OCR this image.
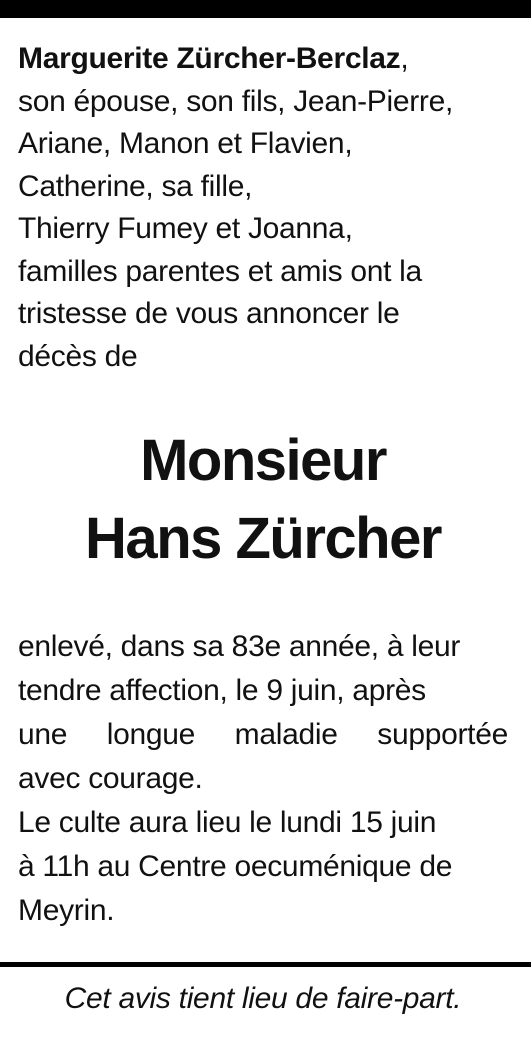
Marguerite Zürcher-Berclaz,
son épouse, son fils, Jean-Pierre,
Ariane, Manon et Flavien,
Catherine, sa fille,
Thierry Fumey et Joanna,
familles parentes et amis ont la
tristesse de vous annoncer le
décès de

Monsieur
Hans Zürcher
enlevé, dans sa 83e année, à leur
tendre affection, le 9 juin, après
une longue maladie supportée
avec courage.
Le culte aura lieu le lundi 15 juin
à 11h au Centre oecuménique de
Meyrin.

Cet avis tient lieu de faire-part.
